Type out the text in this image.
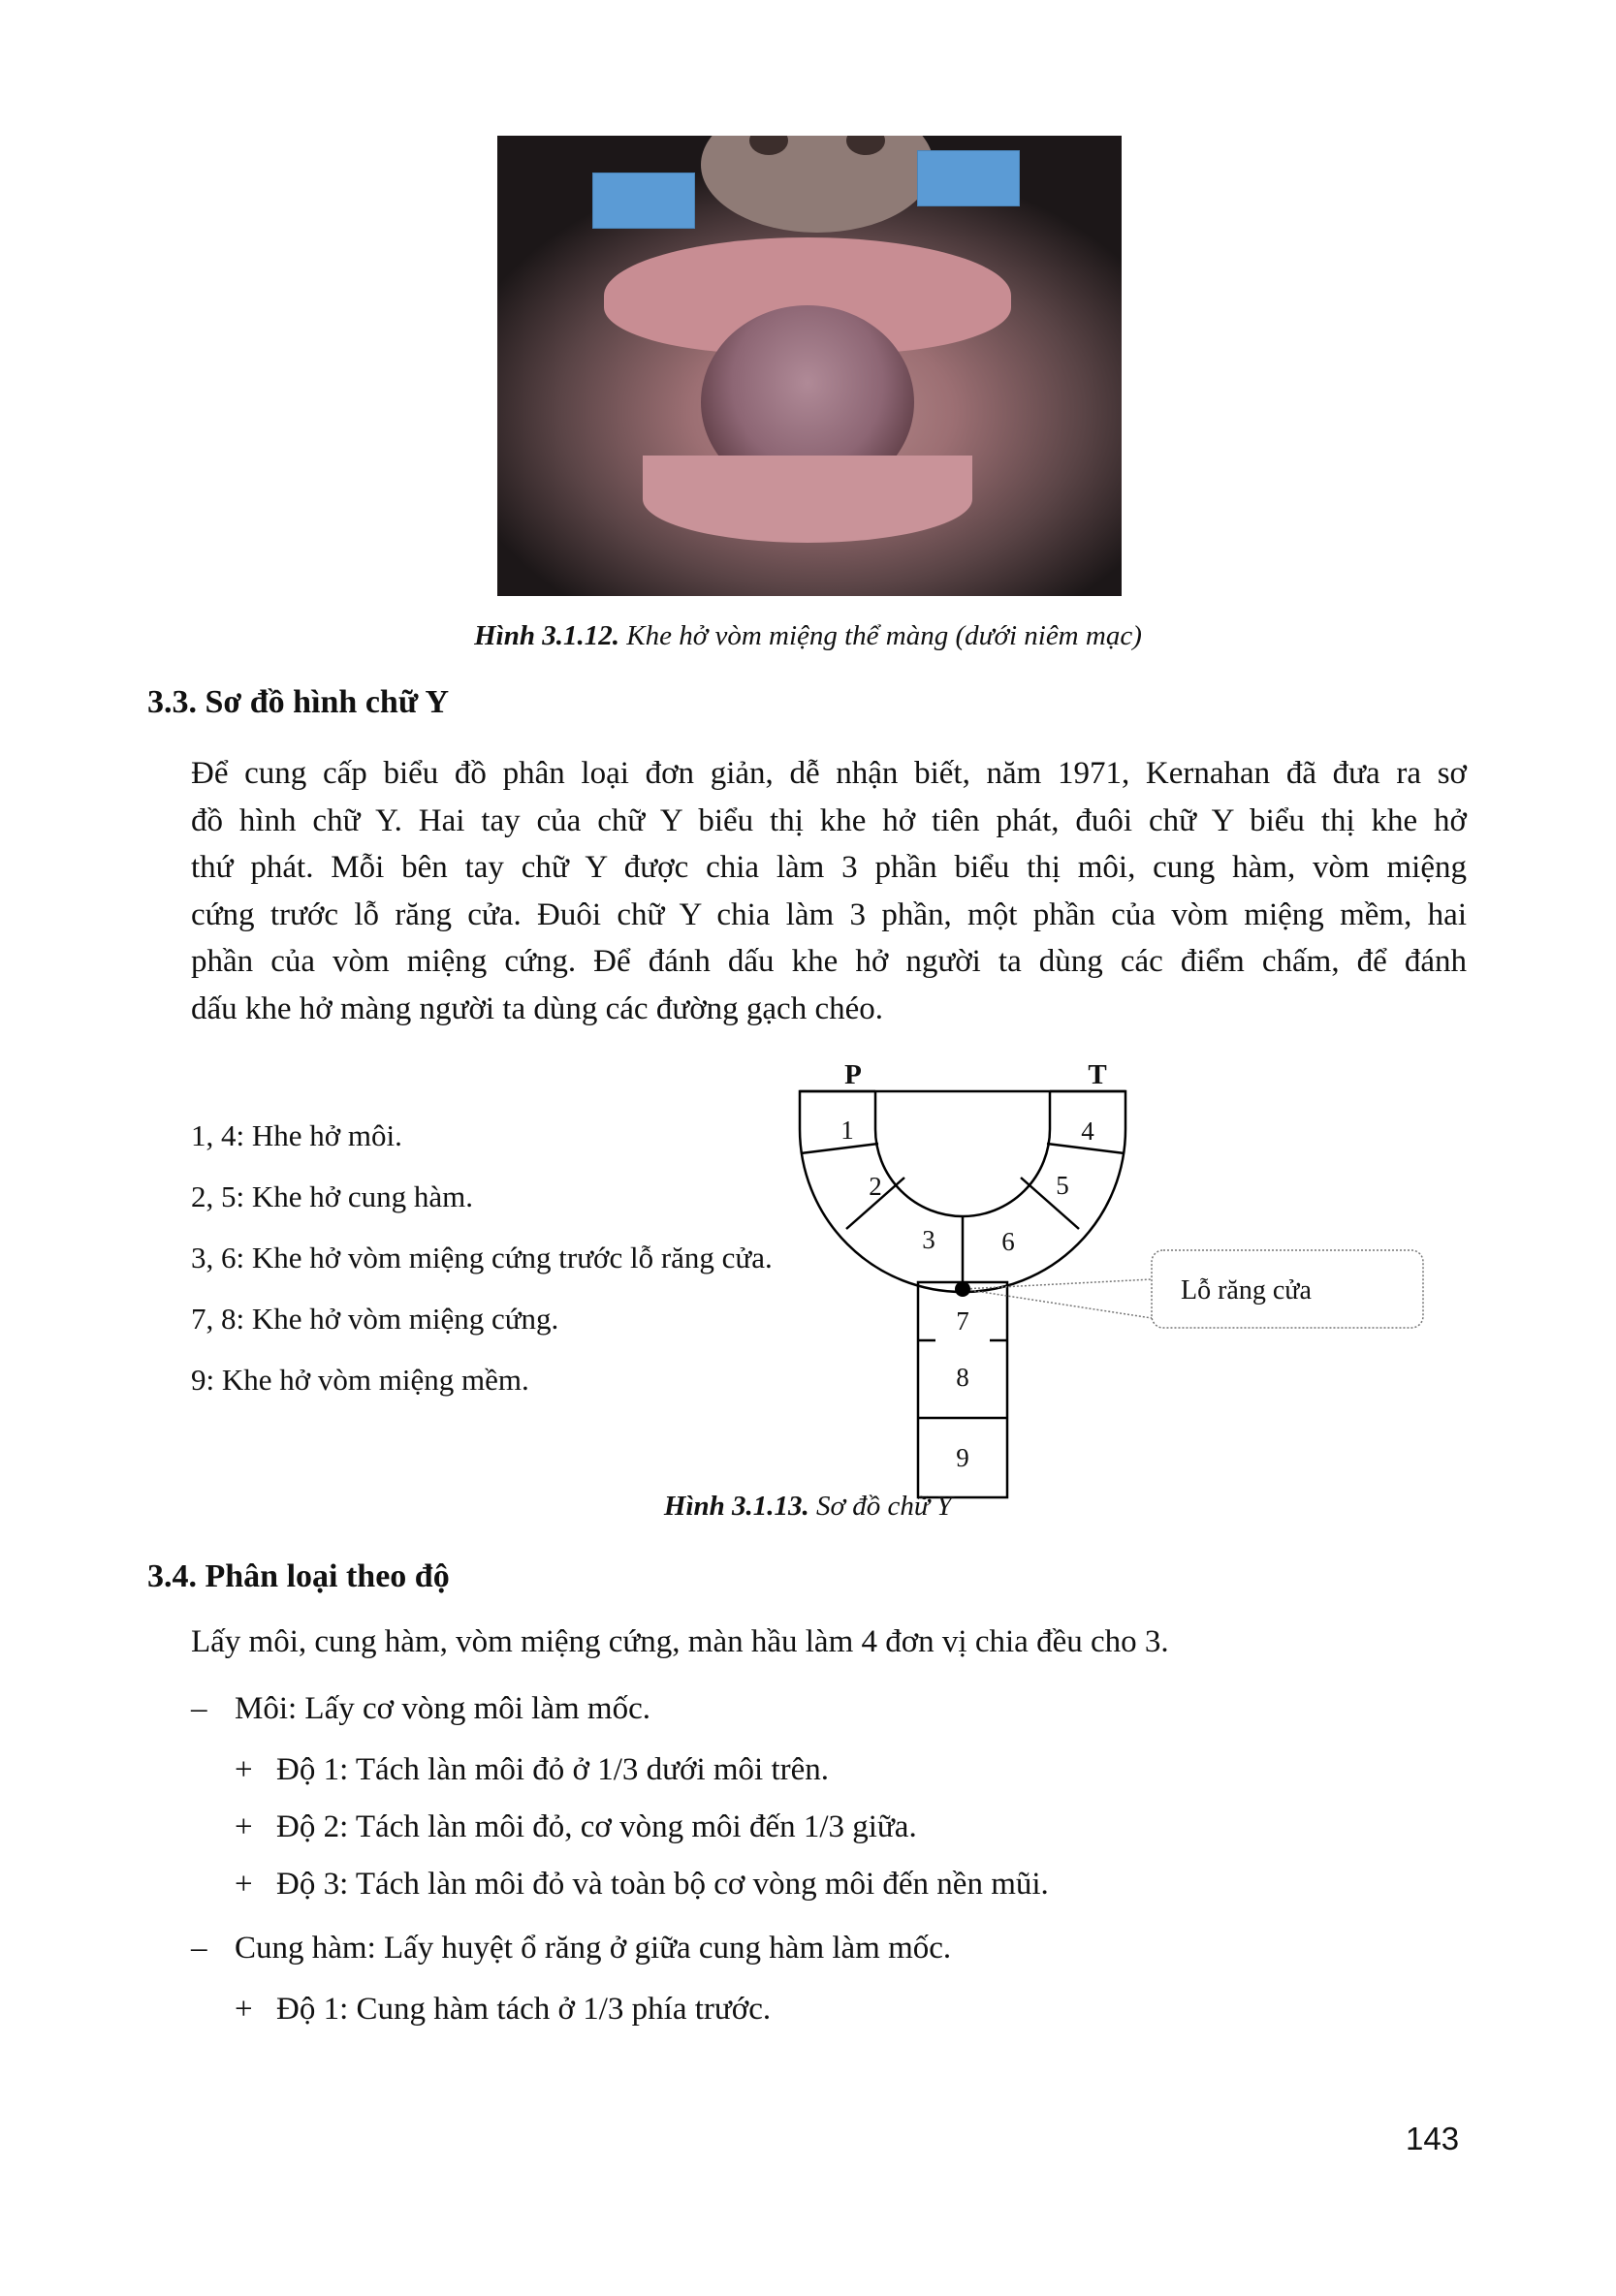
Hình 3.1.12. Khe hở vòm miệng thể màng (dưới niêm mạc)
3.3. Sơ đồ hình chữ Y
Để cung cấp biểu đồ phân loại đơn giản, dễ nhận biết, năm 1971, Kernahan đã đưa ra sơ
đồ hình chữ Y. Hai tay của chữ Y biểu thị khe hở tiên phát, đuôi chữ Y biểu thị khe hở
thứ phát. Mỗi bên tay chữ Y được chia làm 3 phần biểu thị môi, cung hàm, vòm miệng
cứng trước lỗ răng cửa. Đuôi chữ Y chia làm 3 phần, một phần của vòm miệng mềm, hai
phần của vòm miệng cứng. Để đánh dấu khe hở người ta dùng các điểm chấm, để đánh
dấu khe hở màng người ta dùng các đường gạch chéo.
1, 4: Hhe hở môi.
2, 5: Khe hở cung hàm.
3, 6: Khe hở vòm miệng cứng trước lỗ răng cửa.
7, 8: Khe hở vòm miệng cứng.
9: Khe hở vòm miệng mềm.
P	T
1
2
3
4
5
6
7
8
9
Lỗ răng cửa
Hình 3.1.13. Sơ đồ chữ Y
3.4. Phân loại theo độ
Lấy môi, cung hàm, vòm miệng cứng, màn hầu làm 4 đơn vị chia đều cho 3.
– Môi: Lấy cơ vòng môi làm mốc.
+ Độ 1: Tách làn môi đỏ ở 1/3 dưới môi trên.
+ Độ 2: Tách làn môi đỏ, cơ vòng môi đến 1/3 giữa.
+ Độ 3: Tách làn môi đỏ và toàn bộ cơ vòng môi đến nền mũi.
– Cung hàm: Lấy huyệt ổ răng ở giữa cung hàm làm mốc.
+ Độ 1: Cung hàm tách ở 1/3 phía trước.
143
